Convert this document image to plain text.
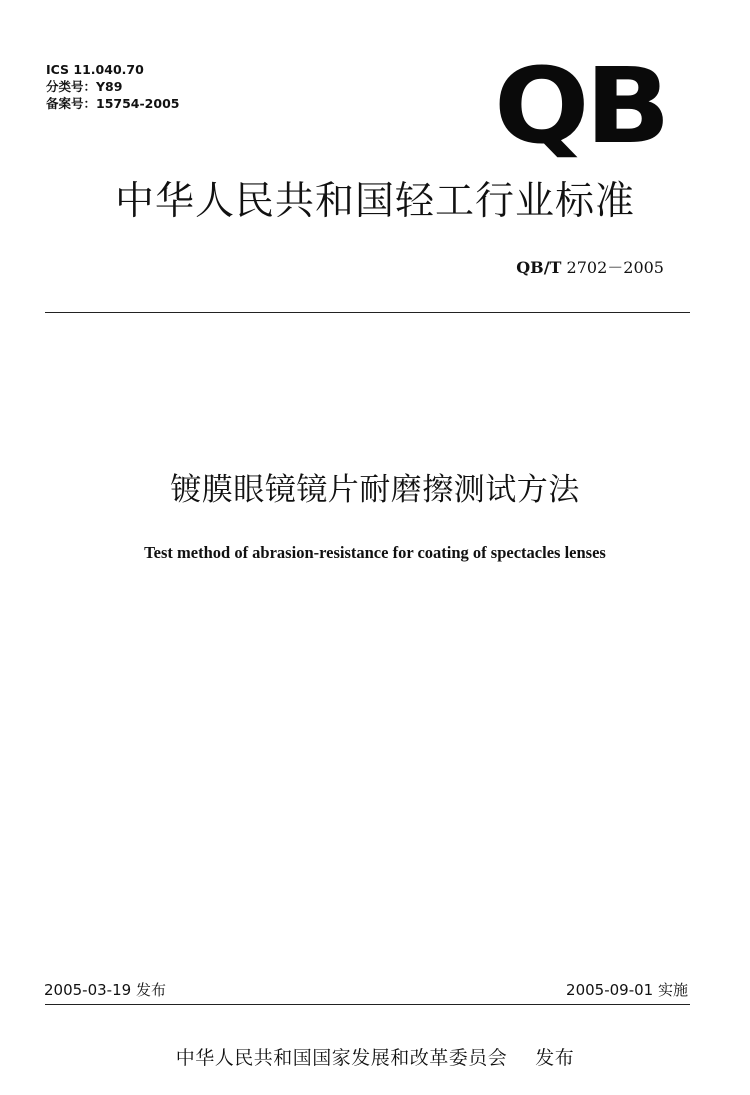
ICS 11.040.70
分类号：Y89
备案号：15754-2005	QB
中华人民共和国轻工行业标准
QB/T 2702－2005
镀膜眼镜镜片耐磨擦测试方法
Test method of abrasion-resistance for coating of spectacles lenses
2005-03-19 发布	2005-09-01 实施
中华人民共和国国家发展和改革委员会 发布
